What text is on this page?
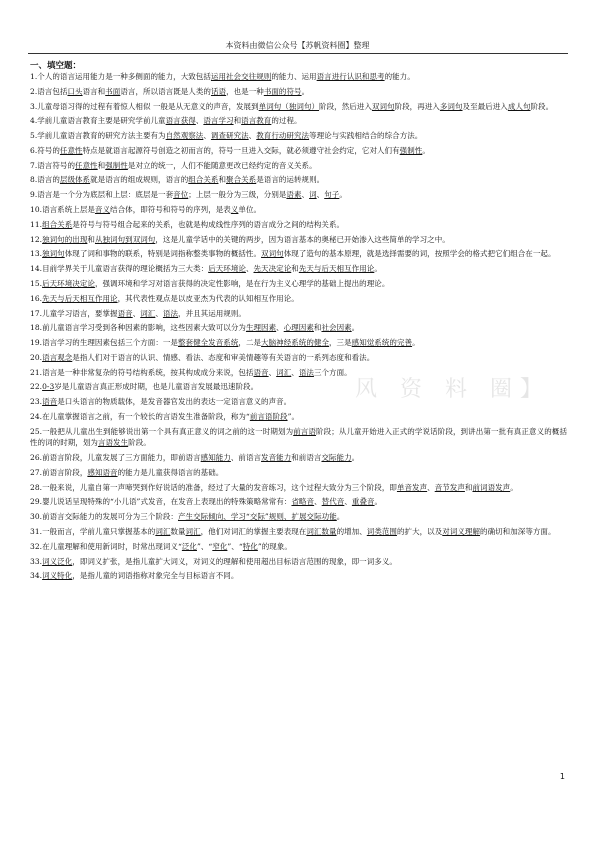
本资料由微信公众号【苏帆资料圈】整理
一、填空题：
风 资 料 圈】
1.个人的语言运用能力是一种多侧面的能力，大致包括运用社会交往规则的能力、运用语言进行认识和思考的能力。
2.语言包括口头语言和书面语言，所以语言既是人类的话语，也是一种书面的符号。
3.儿童母语习得的过程有着惊人相似 一般是从无意义的声音，发展到单词句（独词句）阶段，然后进入双词句阶段，再进入多词句及至最后进入成人句阶段。
4.学前儿童语言教育主要是研究学前儿童语言获得、语言学习和语言教育的过程。
5.学前儿童语言教育的研究方法主要有为自然观察法、调查研究法、教育行动研究法等理论与实践相结合的综合方法。
6.符号的任意性特点是就语言起源符号创造之初而言的，符号一旦进入交际，就必须遵守社会约定，它对人们有强制性。
7.语言符号的任意性和强制性是对立的统一，人们不能随意更改已经约定的音义关系。
8.语言的层级体系就是语言的组成规则，语言的组合关系和聚合关系是语言的运转规则。
9.语言是一个分为底层和上层：底层是一套音位；上层一般分为三级，分别是语素、词、句子。
10.语言系统上层是音义结合体，即符号和符号的序列，是表义单位。
11.组合关系是符号与符号组合起来的关系，也就是构成线性序列的语言成分之间的结构关系。
12.独词句的出现和从独词句到双词句，这是儿童学话中的关键的两步，因为语言基本的奥秘已开始渗入这些简单的学习之中。
13.独词句体现了词和事物的联系，特别是词指称整类事物的概括性。双词句体现了造句的基本原理，就是选择需要的词，按照学会的格式把它们组合在一起。
14.目前学界关于儿童语言获得的理论概括为三大类：后天环境论、先天决定论和先天与后天相互作用论。
15.后天环境决定论，强调环境和学习对语言获得的决定性影响，是在行为主义心理学的基础上提出的理论。
16.先天与后天相互作用论，其代表性观点是以皮亚杰为代表的认知相互作用论。
17.儿童学习语言，要掌握语音、词汇、语法，并且其运用规则。
18.前儿童语言学习受到各种因素的影响，这些因素大致可以分为生理因素、心理因素和社会因素。
19.语言学习的生理因素包括三个方面：一是整套健全发音系统，二是大脑神经系统的健全，三是感知觉系统的完善。
20.语言观念是指人们对于语言的认识、情感、看法、态度和审美情趣等有关语言的一系列态度和看法。
21.语言是一种非常复杂的符号结构系统，按其构成成分来说，包括语音、词汇、语法三个方面。
22.0-3岁是儿童语言真正形成时期，也是儿童语言发展最迅速阶段。
23.语音是口头语言的物质载体，是发音器官发出的表达一定语言意义的声音。
24.在儿童掌握语言之前，有一个较长的言语发生准备阶段，称为“前言语阶段”。
25.一般把从儿童出生到能够说出第一个具有真正意义的词之前的这一时期划为前言语阶段；从儿童开始进入正式的学说话阶段，到讲出第一批有真正意义的概括性的词的时期，划为言语发生阶段。
26.前语言阶段，儿童发展了三方面能力，即前语言感知能力、前语言发音能力和前语言交际能力。
27.前语言阶段，感知语音的能力是儿童获得语言的基础。
28.一般来说，儿童自第一声啼哭到作好说话的准备，经过了大量的发音练习，这个过程大致分为三个阶段，即单音发声、音节发声和前词语发声。
29.婴儿说话呈现特殊的“小儿语”式发音，在发音上表现出的特殊策略常常有：省略音、替代音、重叠音。
30.前语言交际能力的发展可分为三个阶段：产生交际倾向、学习“交际”规则、扩展交际功能。
31.一般而言，学前儿童只掌握基本的词汇数量词汇，他们对词汇的掌握主要表现在词汇数量的增加、词类范围的扩大，以及对词义理解的确切和加深等方面。
32.在儿童理解和使用新词时，时常出现词义“泛化”、“窄化”、“特化”的现象。
33.词义泛化，即词义扩张，是指儿童扩大词义，对词义的理解和使用超出目标语言范围的现象，即一词多义。
34.词义特化，是指儿童的词语指称对象完全与目标语言不同。
1
